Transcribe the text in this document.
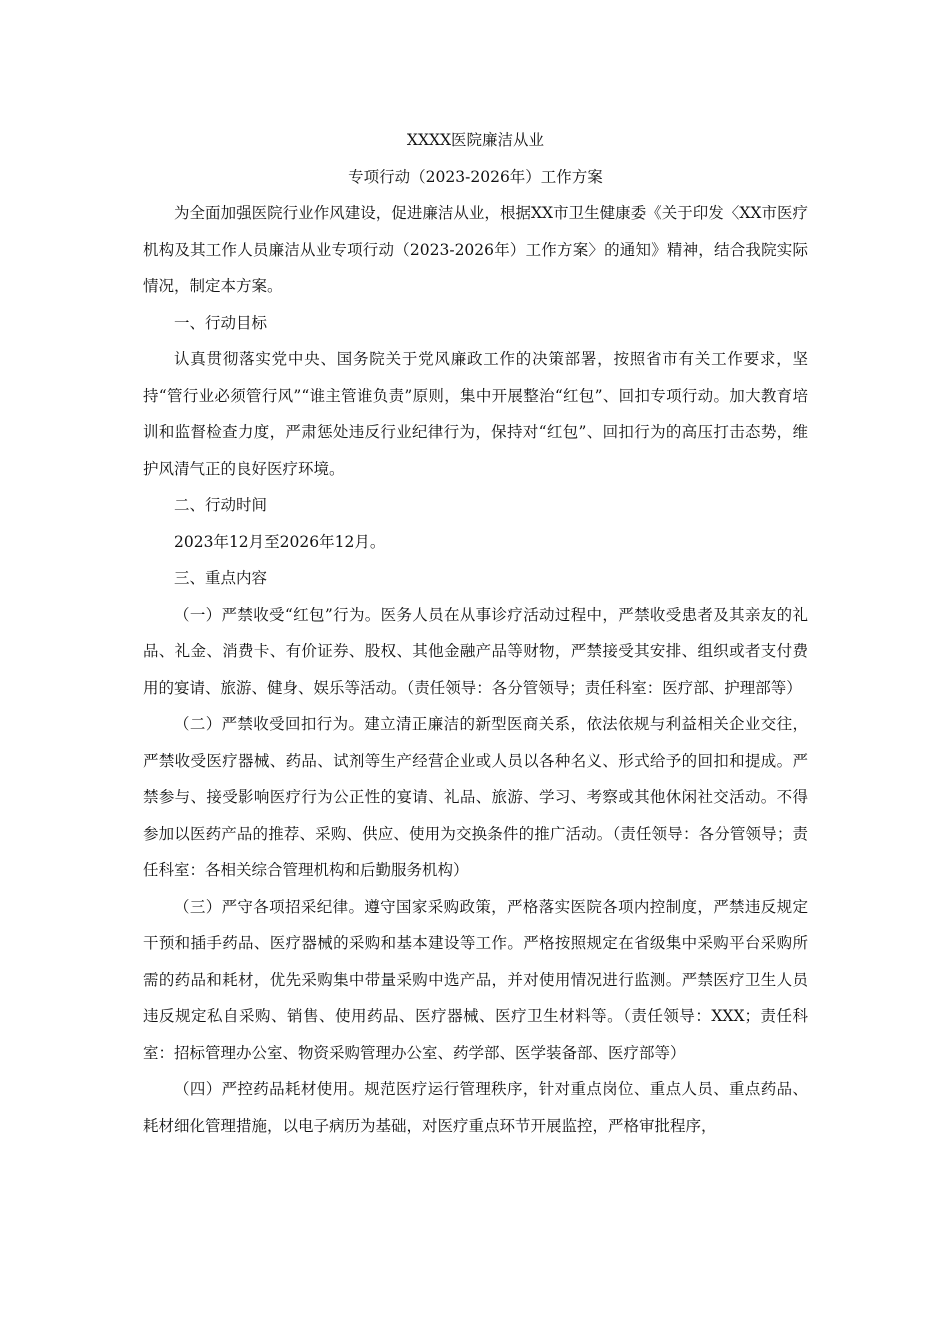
XXXX医院廉洁从业

专项行动（2023-2026年）工作方案

为全面加强医院行业作风建设，促进廉洁从业，根据XX市卫生健康委《关于印发〈XX市医疗机构及其工作人员廉洁从业专项行动（2023-2026年）工作方案〉的通知》精神，结合我院实际情况，制定本方案。

一、行动目标

认真贯彻落实党中央、国务院关于党风廉政工作的决策部署，按照省市有关工作要求，坚持“管行业必须管行风”“谁主管谁负责”原则，集中开展整治“红包”、回扣专项行动。加大教育培训和监督检查力度，严肃惩处违反行业纪律行为，保持对“红包”、回扣行为的高压打击态势，维护风清气正的良好医疗环境。

二、行动时间

2023年12月至2026年12月。

三、重点内容

（一）严禁收受“红包”行为。医务人员在从事诊疗活动过程中，严禁收受患者及其亲友的礼品、礼金、消费卡、有价证券、股权、其他金融产品等财物，严禁接受其安排、组织或者支付费用的宴请、旅游、健身、娱乐等活动。（责任领导：各分管领导；责任科室：医疗部、护理部等）

（二）严禁收受回扣行为。建立清正廉洁的新型医商关系，依法依规与利益相关企业交往，严禁收受医疗器械、药品、试剂等生产经营企业或人员以各种名义、形式给予的回扣和提成。严禁参与、接受影响医疗行为公正性的宴请、礼品、旅游、学习、考察或其他休闲社交活动。不得参加以医药产品的推荐、采购、供应、使用为交换条件的推广活动。（责任领导：各分管领导；责任科室：各相关综合管理机构和后勤服务机构）

（三）严守各项招采纪律。遵守国家采购政策，严格落实医院各项内控制度，严禁违反规定干预和插手药品、医疗器械的采购和基本建设等工作。严格按照规定在省级集中采购平台采购所需的药品和耗材，优先采购集中带量采购中选产品，并对使用情况进行监测。严禁医疗卫生人员违反规定私自采购、销售、使用药品、医疗器械、医疗卫生材料等。（责任领导：XXX；责任科室：招标管理办公室、物资采购管理办公室、药学部、医学装备部、医疗部等）

（四）严控药品耗材使用。规范医疗运行管理秩序，针对重点岗位、重点人员、重点药品、耗材细化管理措施，以电子病历为基础，对医疗重点环节开展监控，严格审批程序，
